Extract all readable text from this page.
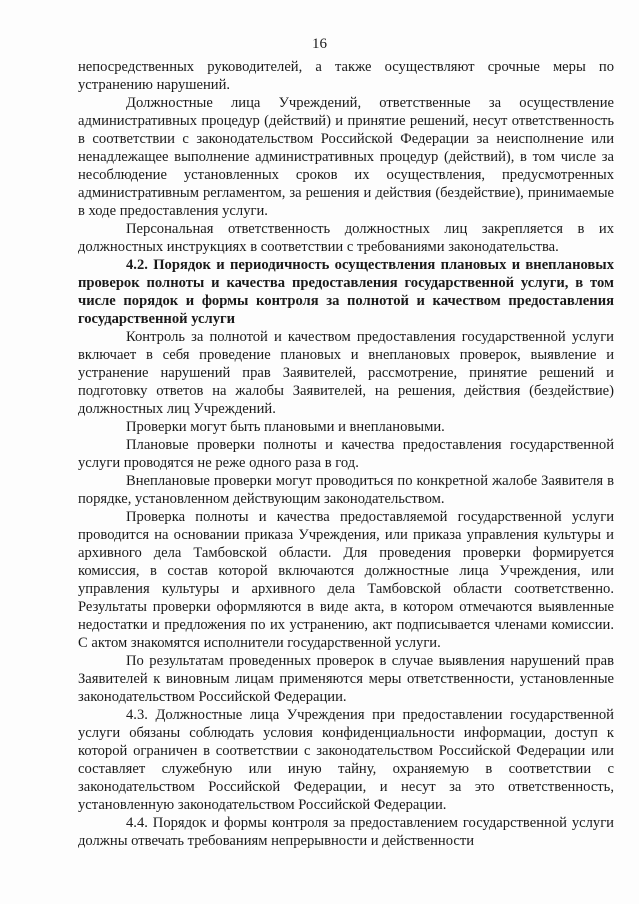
16

непосредственных руководителей, а также осуществляют срочные меры по устранению нарушений.

Должностные лица Учреждений, ответственные за осуществление административных процедур (действий) и принятие решений, несут ответственность в соответствии с законодательством Российской Федерации за неисполнение или ненадлежащее выполнение административных процедур (действий), в том числе за несоблюдение установленных сроков их осуществления, предусмотренных административным регламентом, за решения и действия (бездействие), принимаемые в ходе предоставления услуги.

Персональная ответственность должностных лиц закрепляется в их должностных инструкциях в соответствии с требованиями законодательства.

4.2. Порядок и периодичность осуществления плановых и внеплановых проверок полноты и качества предоставления государственной услуги, в том числе порядок и формы контроля за полнотой и качеством предоставления государственной услуги

Контроль за полнотой и качеством предоставления государственной услуги включает в себя проведение плановых и внеплановых проверок, выявление и устранение нарушений прав Заявителей, рассмотрение, принятие решений и подготовку ответов на жалобы Заявителей, на решения, действия (бездействие) должностных лиц Учреждений.

Проверки могут быть плановыми и внеплановыми.

Плановые проверки полноты и качества предоставления государственной услуги проводятся не реже одного раза в год.

Внеплановые проверки могут проводиться по конкретной жалобе Заявителя в порядке, установленном действующим законодательством.

Проверка полноты и качества предоставляемой государственной услуги проводится на основании приказа Учреждения, или приказа управления культуры и архивного дела Тамбовской области. Для проведения проверки формируется комиссия, в состав которой включаются должностные лица Учреждения, или управления культуры и архивного дела Тамбовской области соответственно. Результаты проверки оформляются в виде акта, в котором отмечаются выявленные недостатки и предложения по их устранению, акт подписывается членами комиссии. С актом знакомятся исполнители государственной услуги.

По результатам проведенных проверок в случае выявления нарушений прав Заявителей к виновным лицам применяются меры ответственности, установленные законодательством Российской Федерации.

4.3. Должностные лица Учреждения при предоставлении государственной услуги обязаны соблюдать условия конфиденциальности информации, доступ к которой ограничен в соответствии с законодательством Российской Федерации или составляет служебную или иную тайну, охраняемую в соответствии с законодательством Российской Федерации, и несут за это ответственность, установленную законодательством Российской Федерации.

4.4. Порядок и формы контроля за предоставлением государственной услуги должны отвечать требованиям непрерывности и действенности
